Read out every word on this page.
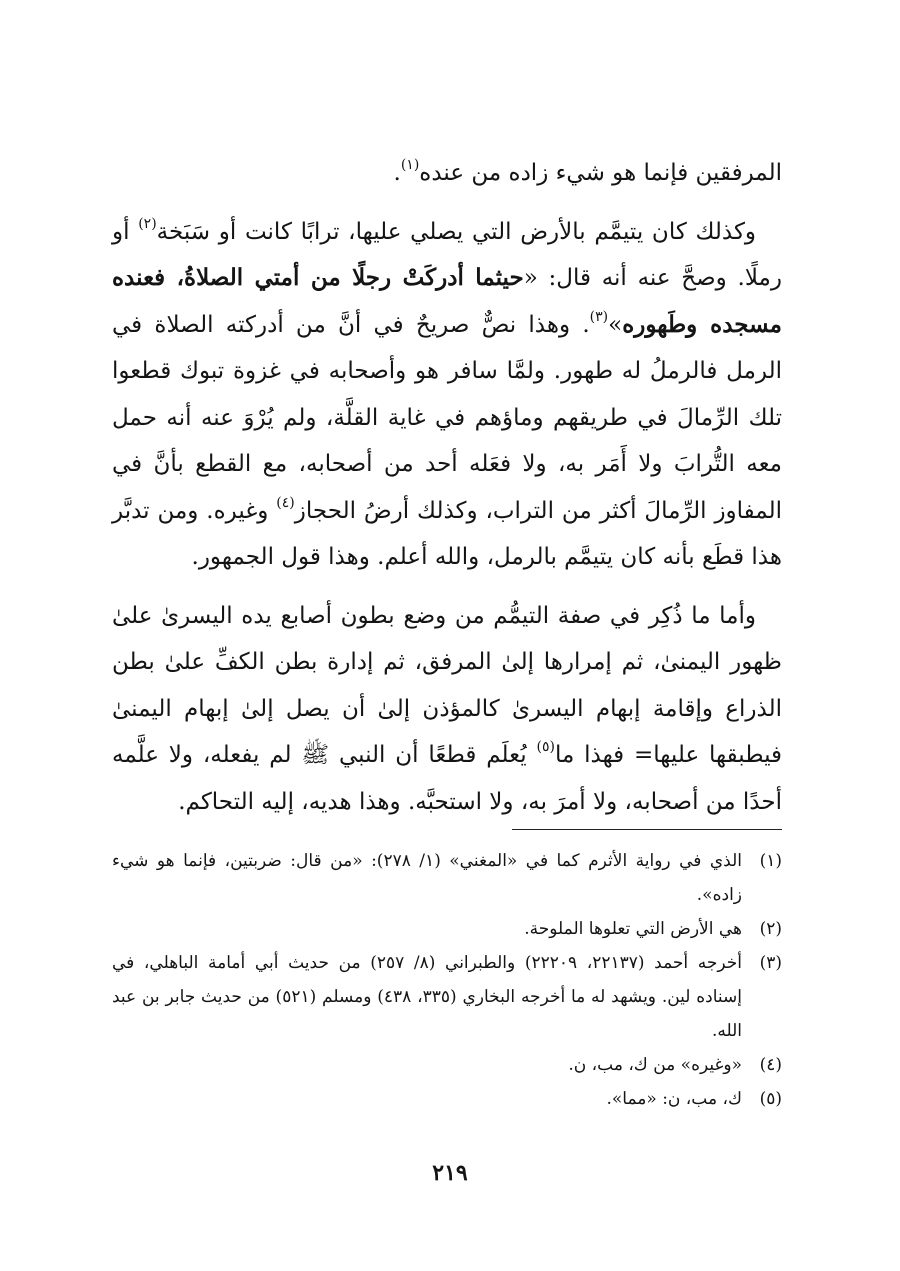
المرفقين فإنما هو شيء زاده من عنده$^{(١)}$.

وكذلك كان يتيمَّم بالأرض التي يصلي عليها، ترابًا كانت أو سَبَخة$^{(٢)}$ أو رملًا. وصحَّ عنه أنه قال: «حيثما أدركَتْ رجلًا من أمتي الصلاةُ، فعنده مسجده وطَهوره»$^{(٣)}$. وهذا نصٌّ صريحٌ في أنَّ من أدركته الصلاة في الرمل فالرملُ له طهور. ولمَّا سافر هو وأصحابه في غزوة تبوك قطعوا تلك الرِّمالَ في طريقهم وماؤهم في غاية القلَّة، ولم يُرْوَ عنه أنه حمل معه التُّرابَ ولا أَمَر به، ولا فعَله أحد من أصحابه، مع القطع بأنَّ في المفاوز الرِّمالَ أكثر من التراب، وكذلك أرضُ الحجاز$^{(٤)}$ وغيره. ومن تدبَّر هذا قطَع بأنه كان يتيمَّم بالرمل، والله أعلم. وهذا قول الجمهور.

وأما ما ذُكِر في صفة التيمُّم من وضع بطون أصابع يده اليسرىٰ علىٰ ظهور اليمنىٰ، ثم إمرارها إلىٰ المرفق، ثم إدارة بطن الكفِّ علىٰ بطن الذراع وإقامة إبهام اليسرىٰ كالمؤذن إلىٰ أن يصل إلىٰ إبهام اليمنىٰ فيطبقها عليها= فهذا ما$^{(٥)}$ يُعلَم قطعًا أن النبي ﷺ لم يفعله، ولا علَّمه أحدًا من أصحابه، ولا أمرَ به، ولا استحبَّه. وهذا هديه، إليه التحاكم.

(١)
الذي في رواية الأثرم كما في «المغني» (١/ ٢٧٨): «من قال: ضربتين، فإنما هو شيء زاده».
(٢)
هي الأرض التي تعلوها الملوحة.
(٣)
أخرجه أحمد (٢٢١٣٧، ٢٢٢٠٩) والطبراني (٨/ ٢٥٧) من حديث أبي أمامة الباهلي، في إسناده لين. ويشهد له ما أخرجه البخاري (٣٣٥، ٤٣٨) ومسلم (٥٢١) من حديث جابر بن عبد الله.
(٤)
«وغيره» من ك، مب، ن.
(٥)
ك، مب، ن: «مما».
٢١٩
